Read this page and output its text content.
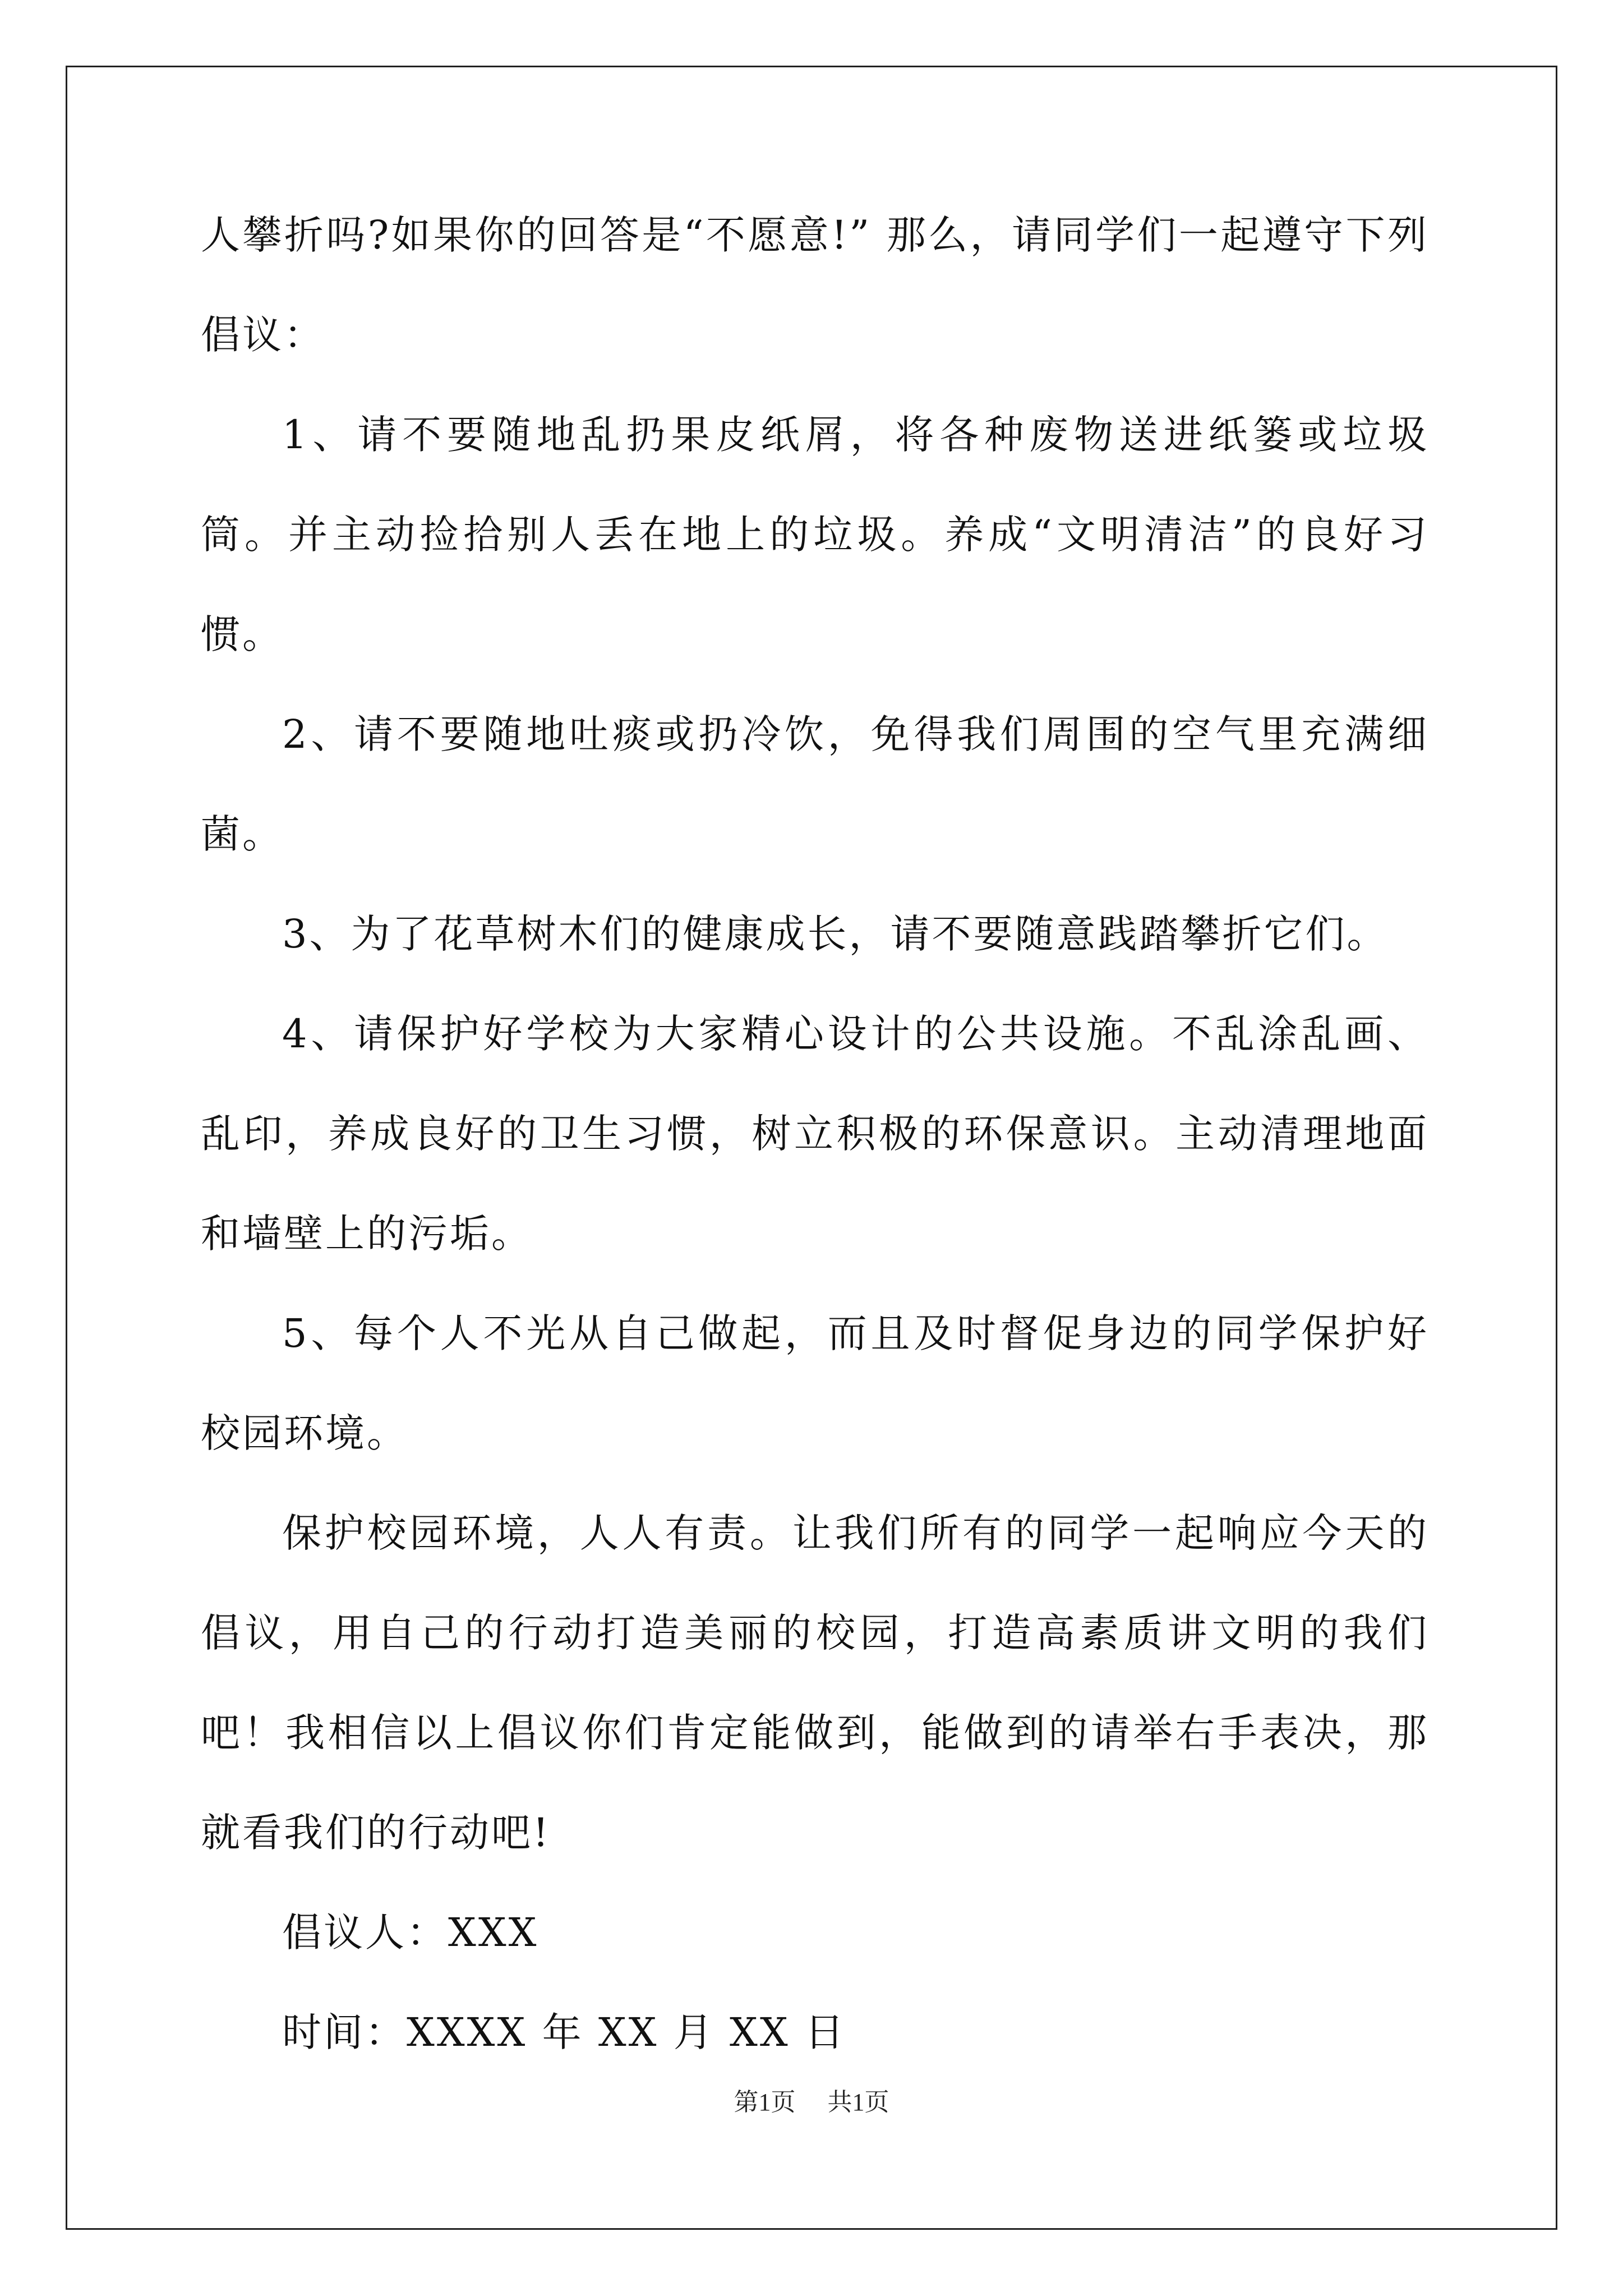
人攀折吗?如果你的回答是“不愿意!” 那么，请同学们一起遵守下列倡议：

1、请不要随地乱扔果皮纸屑，将各种废物送进纸篓或垃圾筒。并主动捡拾别人丢在地上的垃圾。养成“文明清洁”的良好习惯。

2、请不要随地吐痰或扔冷饮，免得我们周围的空气里充满细菌。

3、为了花草树木们的健康成长，请不要随意践踏攀折它们。

4、请保护好学校为大家精心设计的公共设施。不乱涂乱画、乱印，养成良好的卫生习惯，树立积极的环保意识。主动清理地面和墙壁上的污垢。

5、每个人不光从自己做起，而且及时督促身边的同学保护好校园环境。

保护校园环境，人人有责。让我们所有的同学一起响应今天的倡议，用自己的行动打造美丽的校园，打造高素质讲文明的我们吧！我相信以上倡议你们肯定能做到，能做到的请举右手表决，那就看我们的行动吧!

倡议人：XXX

时间：XXXX 年 XX 月 XX 日

第1页 共1页
